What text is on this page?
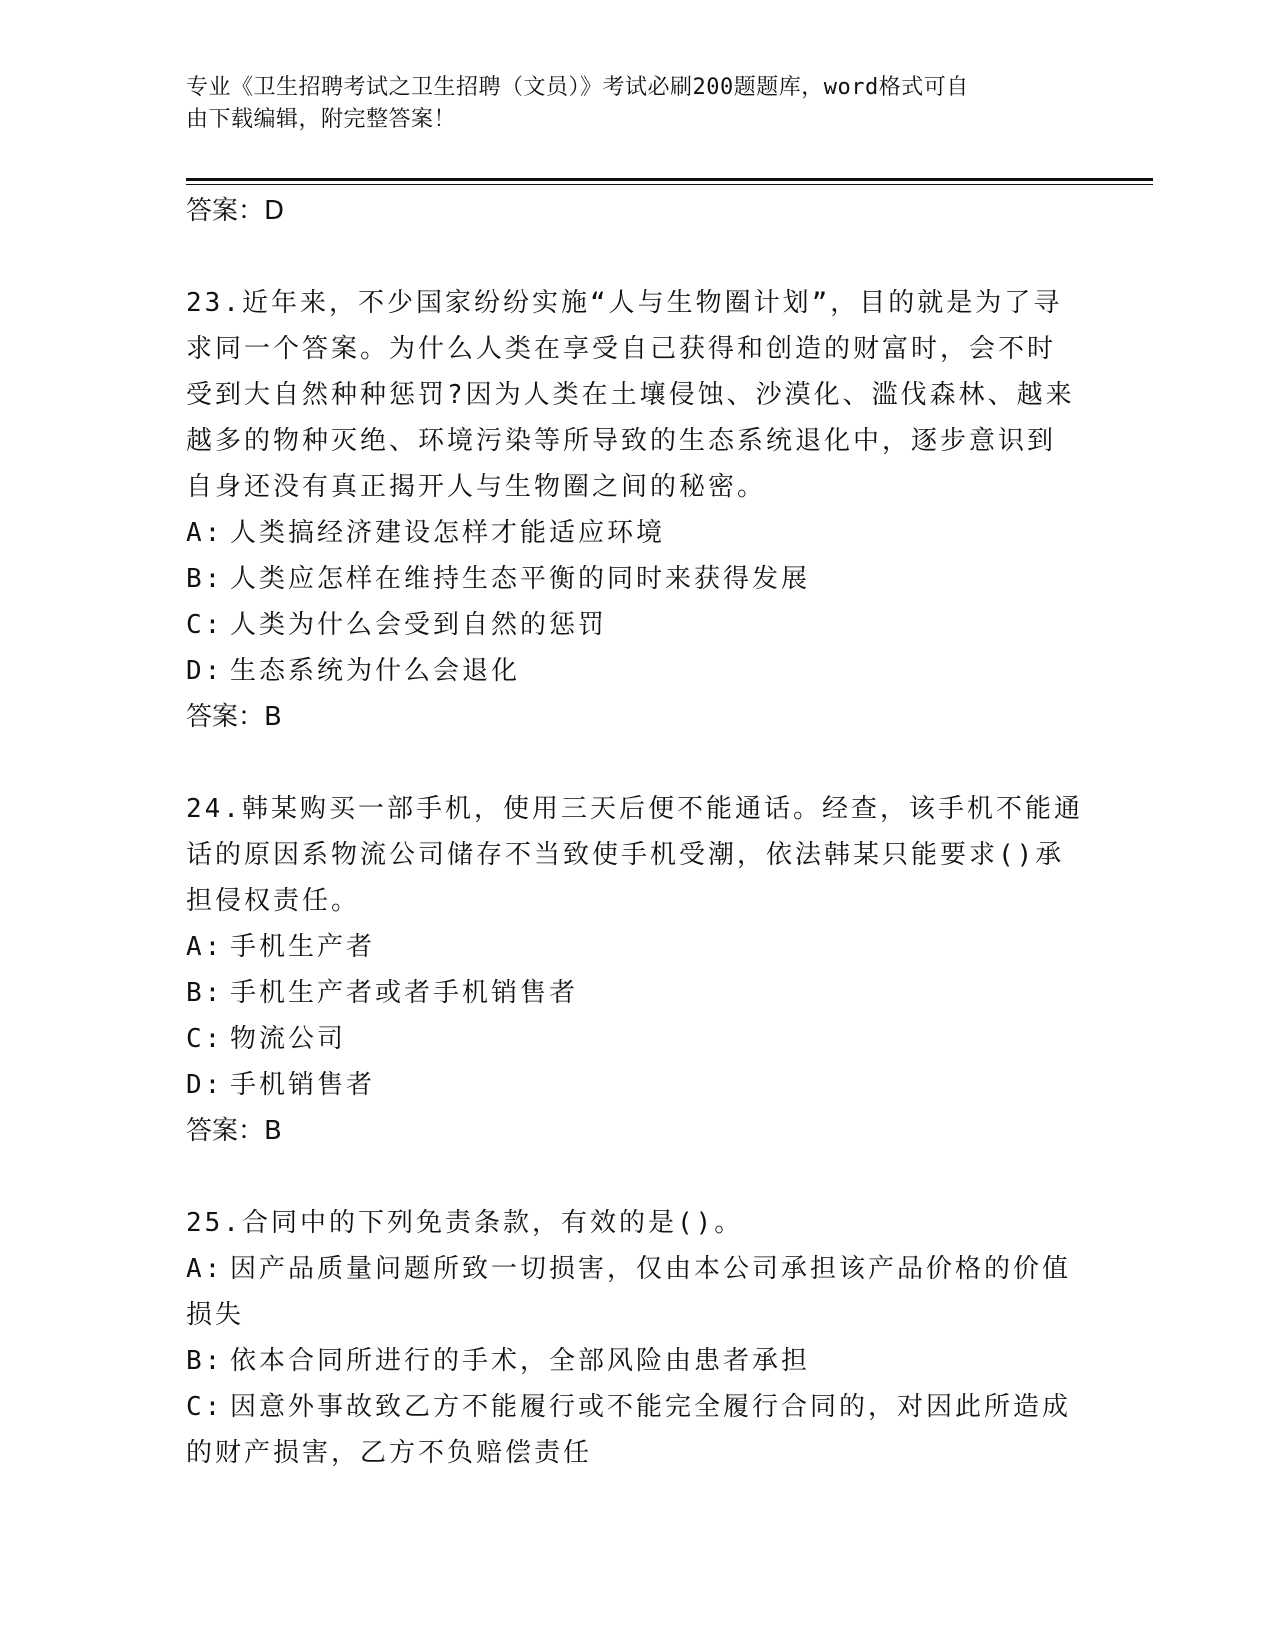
专业《卫生招聘考试之卫生招聘（文员）》考试必刷200题题库，word格式可自
由下载编辑，附完整答案！
答案：D
23.近年来，不少国家纷纷实施“人与生物圈计划”，目的就是为了寻
求同一个答案。为什么人类在享受自己获得和创造的财富时，会不时
受到大自然种种惩罚?因为人类在土壤侵蚀、沙漠化、滥伐森林、越来
越多的物种灭绝、环境污染等所导致的生态系统退化中，逐步意识到
自身还没有真正揭开人与生物圈之间的秘密。
A: 人类搞经济建设怎样才能适应环境
B: 人类应怎样在维持生态平衡的同时来获得发展
C: 人类为什么会受到自然的惩罚
D: 生态系统为什么会退化
答案：B
24.韩某购买一部手机，使用三天后便不能通话。经查，该手机不能通
话的原因系物流公司储存不当致使手机受潮，依法韩某只能要求()承
担侵权责任。
A: 手机生产者
B: 手机生产者或者手机销售者
C: 物流公司
D: 手机销售者
答案：B
25.合同中的下列免责条款，有效的是()。
A: 因产品质量问题所致一切损害，仅由本公司承担该产品价格的价值
损失
B: 依本合同所进行的手术，全部风险由患者承担
C: 因意外事故致乙方不能履行或不能完全履行合同的，对因此所造成
的财产损害，乙方不负赔偿责任
